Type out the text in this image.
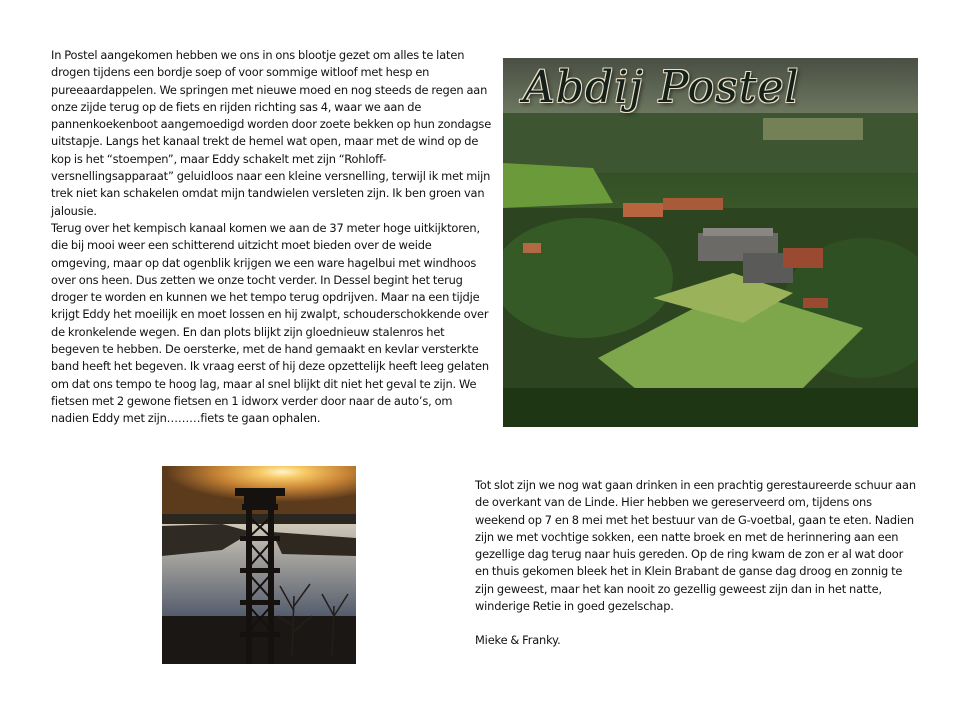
In Postel aangekomen hebben we ons in ons blootje gezet om alles te laten drogen tijdens een bordje soep of voor sommige witloof met hesp en pureeaardappelen. We springen met nieuwe moed en nog steeds de regen aan onze zijde terug op de fiets en rijden richting sas 4, waar we aan de pannenkoekenboot aangemoedigd worden door zoete bekken op hun zondagse uitstapje. Langs het kanaal trekt de hemel wat open, maar met de wind op de kop is het “stoempen”, maar Eddy schakelt met zijn “Rohloff-versnellingsapparaat” geluidloos naar een kleine versnelling, terwijl ik met mijn trek niet kan schakelen omdat mijn tandwielen versleten zijn. Ik ben groen van jalousie.

Terug over het kempisch kanaal komen we aan de 37 meter hoge uitkijktoren, die bij mooi weer een schitterend uitzicht moet bieden over de weide omgeving, maar op dat ogenblik krijgen we een ware hagelbui met windhoos over ons heen. Dus zetten we onze tocht verder. In Dessel begint het terug droger te worden en kunnen we het tempo terug opdrijven. Maar na een tijdje krijgt Eddy het moeilijk en moet lossen en hij zwalpt, schouderschokkende over de kronkelende wegen. En dan plots blijkt zijn gloednieuw stalenros het begeven te hebben. De oersterke, met de hand gemaakt en kevlar versterkte band heeft het begeven. Ik vraag eerst of hij deze opzettelijk heeft leeg gelaten om dat ons tempo te hoog lag, maar al snel blijkt dit niet het geval te zijn. We fietsen met 2 gewone fietsen en 1 idworx verder door naar de auto’s, om nadien Eddy met zijn………fiets te gaan ophalen.

Abdij Postel

Tot slot zijn we nog wat gaan drinken in een prachtig gerestaureerde schuur aan de overkant van de Linde. Hier hebben we gereserveerd om, tijdens ons weekend op 7 en 8 mei met het bestuur van de G-voetbal, gaan te eten. Nadien zijn we met vochtige sokken, een natte broek en met de herinnering aan een gezellige dag terug naar huis gereden. Op de ring kwam de zon er al wat door en thuis gekomen bleek het in Klein Brabant de ganse dag droog en zonnig te zijn geweest, maar het kan nooit zo gezellig geweest zijn dan in het natte, winderige Retie in goed gezelschap.

Mieke & Franky.
